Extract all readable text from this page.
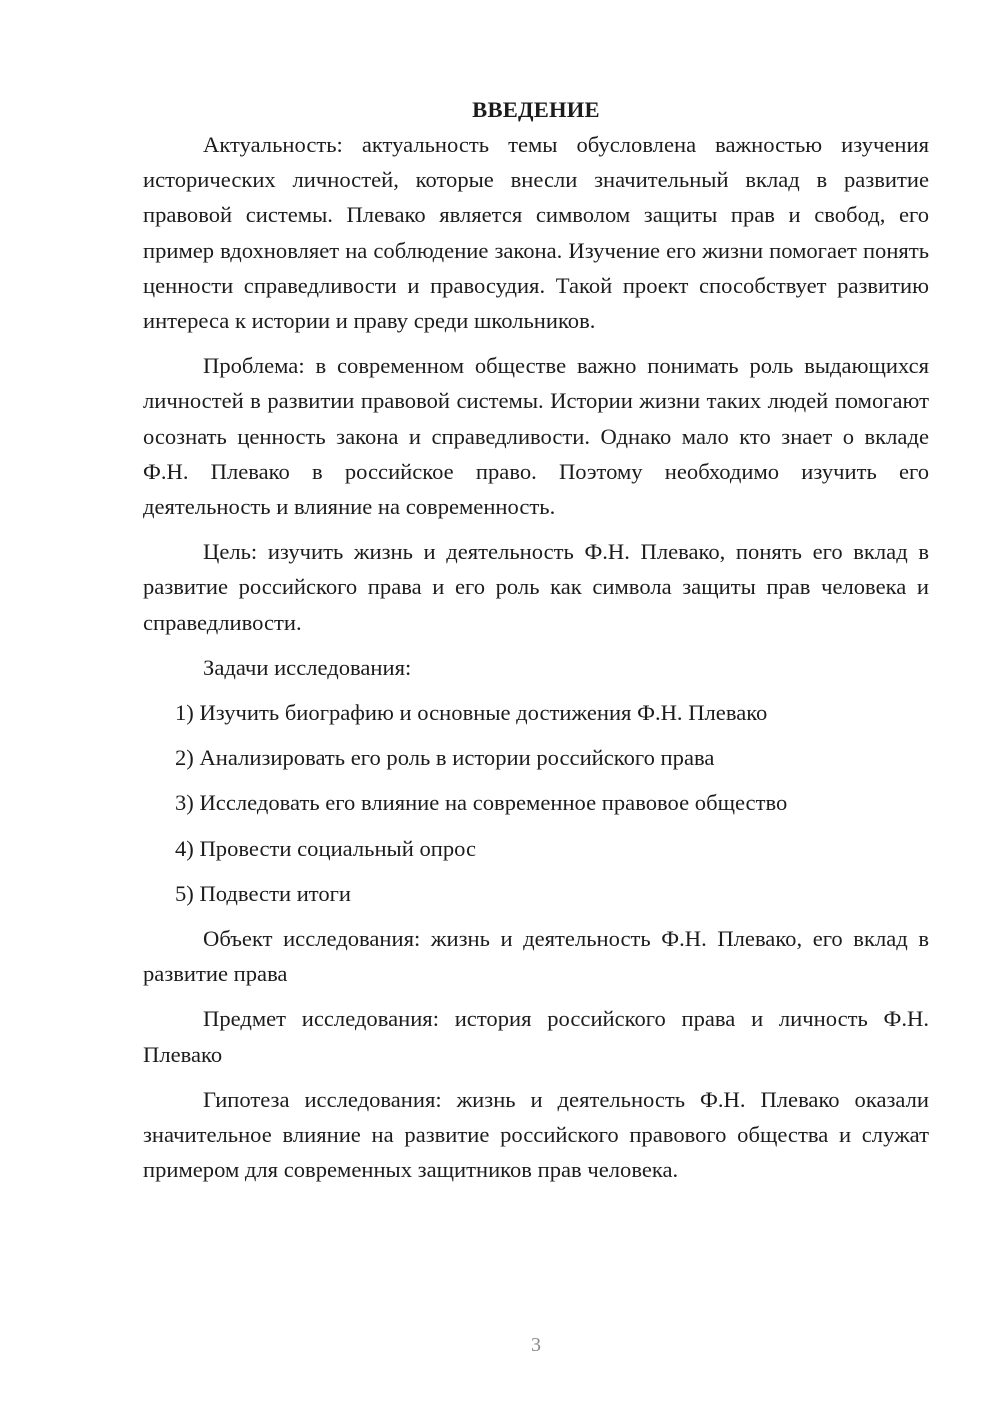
ВВЕДЕНИЕ

Актуальность: актуальность темы обусловлена важностью изучения исторических личностей, которые внесли значительный вклад в развитие правовой системы. Плевако является символом защиты прав и свобод, его пример вдохновляет на соблюдение закона. Изучение его жизни помогает понять ценности справедливости и правосудия. Такой проект способствует развитию интереса к истории и праву среди школьников.

Проблема: в современном обществе важно понимать роль выдающихся личностей в развитии правовой системы. Истории жизни таких людей помогают осознать ценность закона и справедливости. Однако мало кто знает о вкладе Ф.Н. Плевако в российское право. Поэтому необходимо изучить его деятельность и влияние на современность.

Цель: изучить жизнь и деятельность Ф.Н. Плевако, понять его вклад в развитие российского права и его роль как символа защиты прав человека и справедливости.

Задачи исследования:

1) Изучить биографию и основные достижения Ф.Н. Плевако
2) Анализировать его роль в истории российского права
3) Исследовать его влияние на современное правовое общество
4) Провести социальный опрос
5) Подвести итоги

Объект исследования: жизнь и деятельность Ф.Н. Плевако, его вклад в развитие права

Предмет исследования: история российского права и личность Ф.Н. Плевако

Гипотеза исследования: жизнь и деятельность Ф.Н. Плевако оказали значительное влияние на развитие российского правового общества и служат примером для современных защитников прав человека.

3
